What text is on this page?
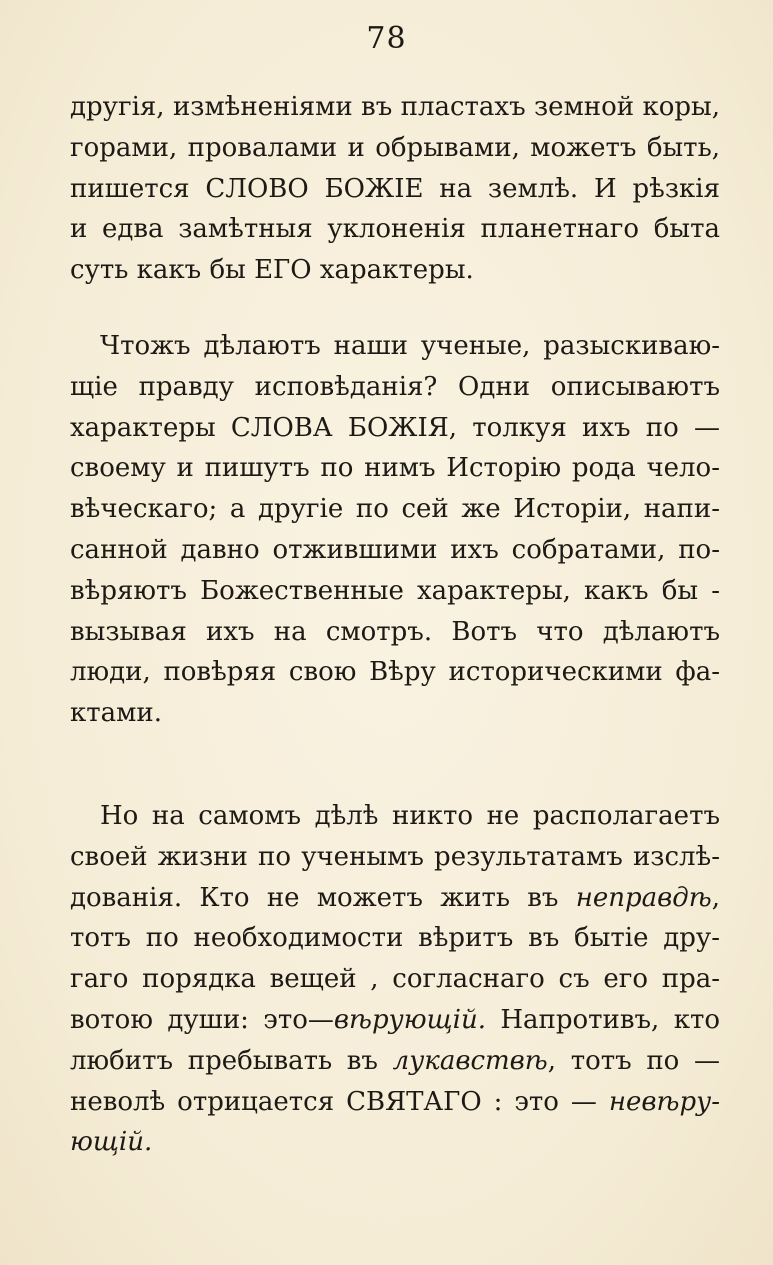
78
другія, измѣненіями въ пластахъ земной коры,
горами, провалами и обрывами, можетъ быть,
пишется СЛОВО БОЖIЕ на землѣ. И рѣзкія
и едва замѣтныя уклоненія планетнаго быта
суть какъ бы ЕГО характеры.
Чтожъ дѣлаютъ наши ученые, разыскиваю-
щіе правду исповѣданія? Одни описываютъ
характеры СЛОВА БОЖІЯ, толкуя ихъ по —
своему и пишутъ по нимъ Исторію рода чело-
вѣческаго; а другіе по сей же Исторіи, напи-
санной давно отжившими ихъ собратами, по-
вѣряютъ Божественные характеры, какъ бы -
вызывая ихъ на смотръ. Вотъ что дѣлаютъ
люди, повѣряя свою Вѣру историческими фа-
ктами.
Но на самомъ дѣлѣ никто не располагаетъ
своей жизни по ученымъ результатамъ изслѣ-
дованія. Кто не можетъ жить въ неправдѣ,
тотъ по необходимости вѣритъ въ бытіе дру-
гаго порядка вещей , согласнаго съ его пра-
вотою души: это—вѣрующій. Напротивъ, кто
любитъ пребывать въ лукавствѣ, тотъ по —
неволѣ отрицается СВЯТАГО : это — невѣру-
ющій.
